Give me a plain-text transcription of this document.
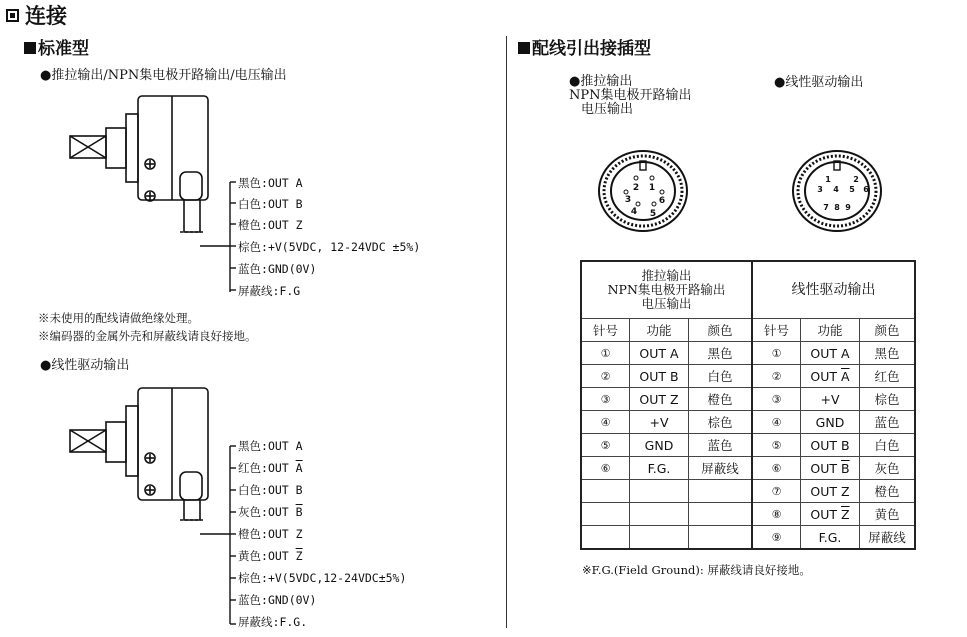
连接
标准型
●推拉输出/NPN集电极开路输出/电压输出
黑色:OUT A
白色:OUT B
橙色:OUT Z
棕色:+V(5VDC, 12-24VDC ±5%)
蓝色:GND(0V)
屏蔽线:F.G
※未使用的配线请做绝缘处理。
※编码器的金属外壳和屏蔽线请良好接地。
●线性驱动输出
黑色:OUT A
红色:OUT $\overline{A}$
白色:OUT B
灰色:OUT $\overline{B}$
橙色:OUT Z
黄色:OUT $\overline{Z}$
棕色:+V(5VDC,12-24VDC±5%)
蓝色:GND(0V)
屏蔽线:F.G.
配线引出接插型
●推拉输出
NPN集电极开路输出
电压输出
●线性驱动输出
1
2
3
4 5
6
1	2
3 4 5 6
7 8 9
推拉输出
NPN集电极开路输出
电压输出			线性驱动输出		
针号	功能	颜色	针号	功能	颜色
①	OUT A	黑色	①	OUT A	黑色
②	OUT B	白色	②	OUT $\overline{A}$	红色
③	OUT Z	橙色	③	+V	棕色
④	+V	棕色	④	GND	蓝色
⑤	GND	蓝色	⑤	OUT B	白色
⑥	F.G.	屏蔽线	⑥	OUT $\overline{B}$	灰色
			⑦	OUT Z	橙色
			⑧	OUT $\overline{Z}$	黄色
			⑨	F.G.	屏蔽线
※F.G.(Field Ground): 屏蔽线请良好接地。
